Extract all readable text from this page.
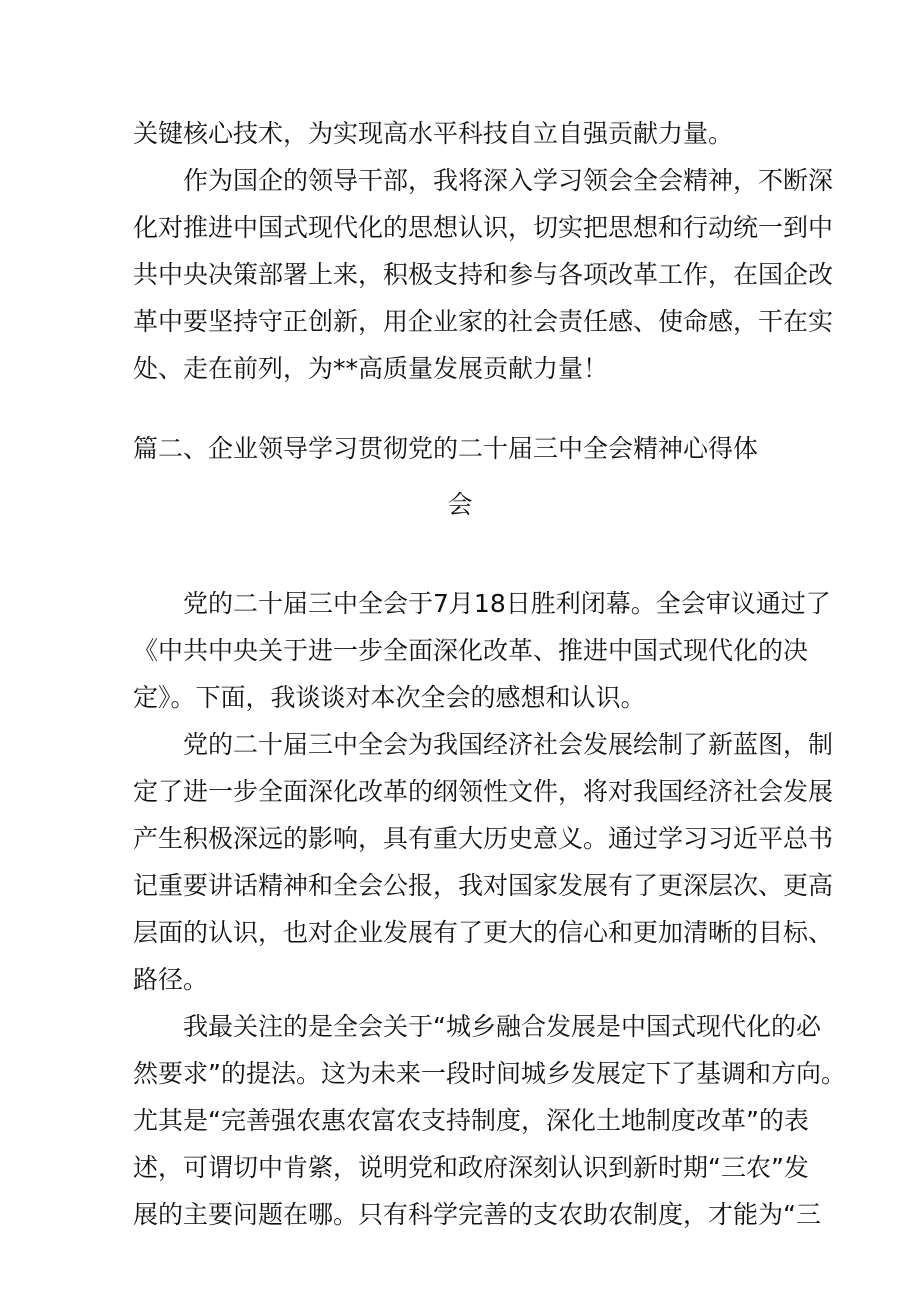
关键核心技术，为实现高水平科技自立自强贡献力量。
作为国企的领导干部，我将深入学习领会全会精神，不断深
化对推进中国式现代化的思想认识，切实把思想和行动统一到中
共中央决策部署上来，积极支持和参与各项改革工作，在国企改
革中要坚持守正创新，用企业家的社会责任感、使命感，干在实
处、走在前列，为**高质量发展贡献力量！
篇二、企业领导学习贯彻党的二十届三中全会精神心得体
会
党的二十届三中全会于7月18日胜利闭幕。全会审议通过了
《中共中央关于进一步全面深化改革、推进中国式现代化的决
定》。下面，我谈谈对本次全会的感想和认识。
党的二十届三中全会为我国经济社会发展绘制了新蓝图，制
定了进一步全面深化改革的纲领性文件，将对我国经济社会发展
产生积极深远的影响，具有重大历史意义。通过学习习近平总书
记重要讲话精神和全会公报，我对国家发展有了更深层次、更高
层面的认识，也对企业发展有了更大的信心和更加清晰的目标、
路径。
我最关注的是全会关于“城乡融合发展是中国式现代化的必
然要求”的提法。这为未来一段时间城乡发展定下了基调和方向。
尤其是“完善强农惠农富农支持制度，深化土地制度改革”的表
述，可谓切中肯綮，说明党和政府深刻认识到新时期“三农”发
展的主要问题在哪。只有科学完善的支农助农制度，才能为“三
